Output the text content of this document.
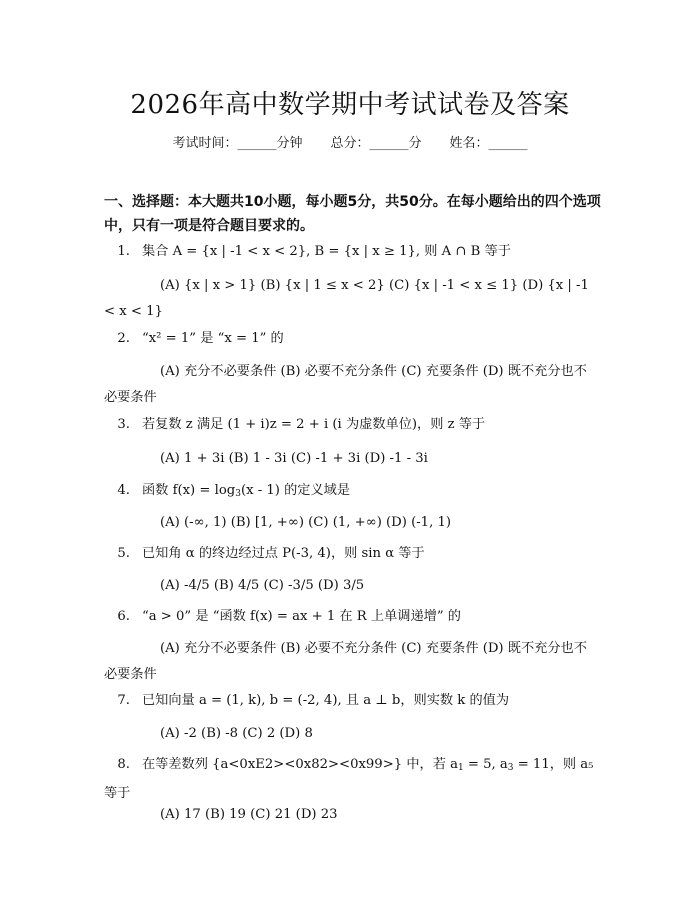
2026年高中数学期中考试试卷及答案
考试时间：______分钟 总分：______分 姓名：______
一、选择题：本大题共10小题，每小题5分，共50分。在每小题给出的四个选项中，只有一项是符合题目要求的。
1. 集合 A = {x | -1 < x < 2}, B = {x | x ≥ 1}, 则 A ∩ B 等于
(A) {x | x > 1} (B) {x | 1 ≤ x < 2} (C) {x | -1 < x ≤ 1} (D) {x | -1 < x < 1}
2. “x² = 1” 是 “x = 1” 的
(A) 充分不必要条件 (B) 必要不充分条件 (C) 充要条件 (D) 既不充分也不必要条件
3. 若复数 z 满足 (1 + i)z = 2 + i (i 为虚数单位)，则 z 等于
(A) 1 + 3i (B) 1 - 3i (C) -1 + 3i (D) -1 - 3i
4. 函数 $f(x) = \log_3(x - 1)$ 的定义域是
(A) (-∞, 1) (B) [1, +∞) (C) (1, +∞) (D) (-1, 1)
5. 已知角 α 的终边经过点 P(-3, 4)，则 sin α 等于
(A) -4/5 (B) 4/5 (C) -3/5 (D) 3/5
6. “a > 0” 是 “函数 f(x) = ax + 1 在 R 上单调递增” 的
(A) 充分不必要条件 (B) 必要不充分条件 (C) 充要条件 (D) 既不充分也不必要条件
7. 已知向量 a = (1, k), b = (-2, 4), 且 a ⊥ b，则实数 k 的值为
(A) -2 (B) -8 (C) 2 (D) 8
8. 在等差数列 {a<0xE2><0x82><0x99>} 中，若 $a_1 = 5$, $a_3 = 11$，则 a₅ 等于
(A) 17 (B) 19 (C) 21 (D) 23
